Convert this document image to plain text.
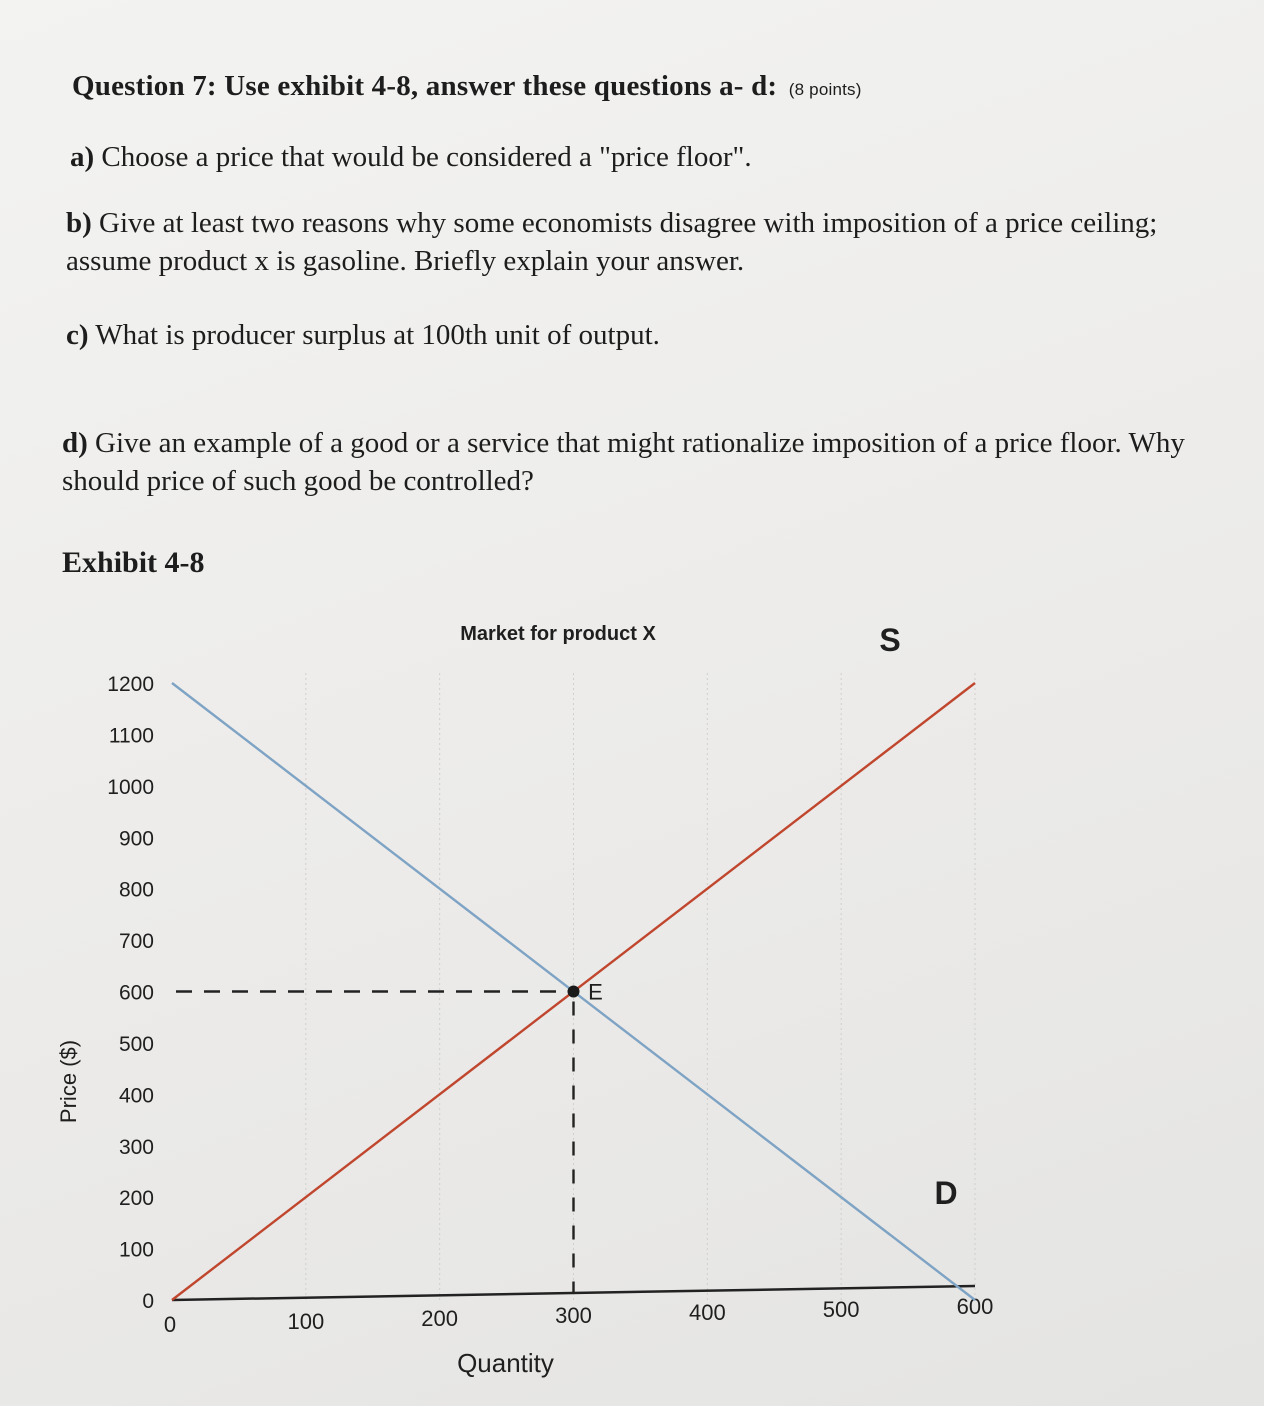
Question 7: Use exhibit 4-8, answer these questions a- d: (8 points)
a) Choose a price that would be considered a "price floor".
b) Give at least two reasons why some economists disagree with imposition of a price ceiling; assume product x is gasoline. Briefly explain your answer.
c) What is producer surplus at 100th unit of output.
d) Give an example of a good or a service that might rationalize imposition of a price floor. Why should price of such good be controlled?
Exhibit 4-8
0
100
200
300
400
500
600
700
800
900
1000
1100
1200
0	100	200	300	400	500	600
Quantity
Price ($)
Market for product X
E
S
D
